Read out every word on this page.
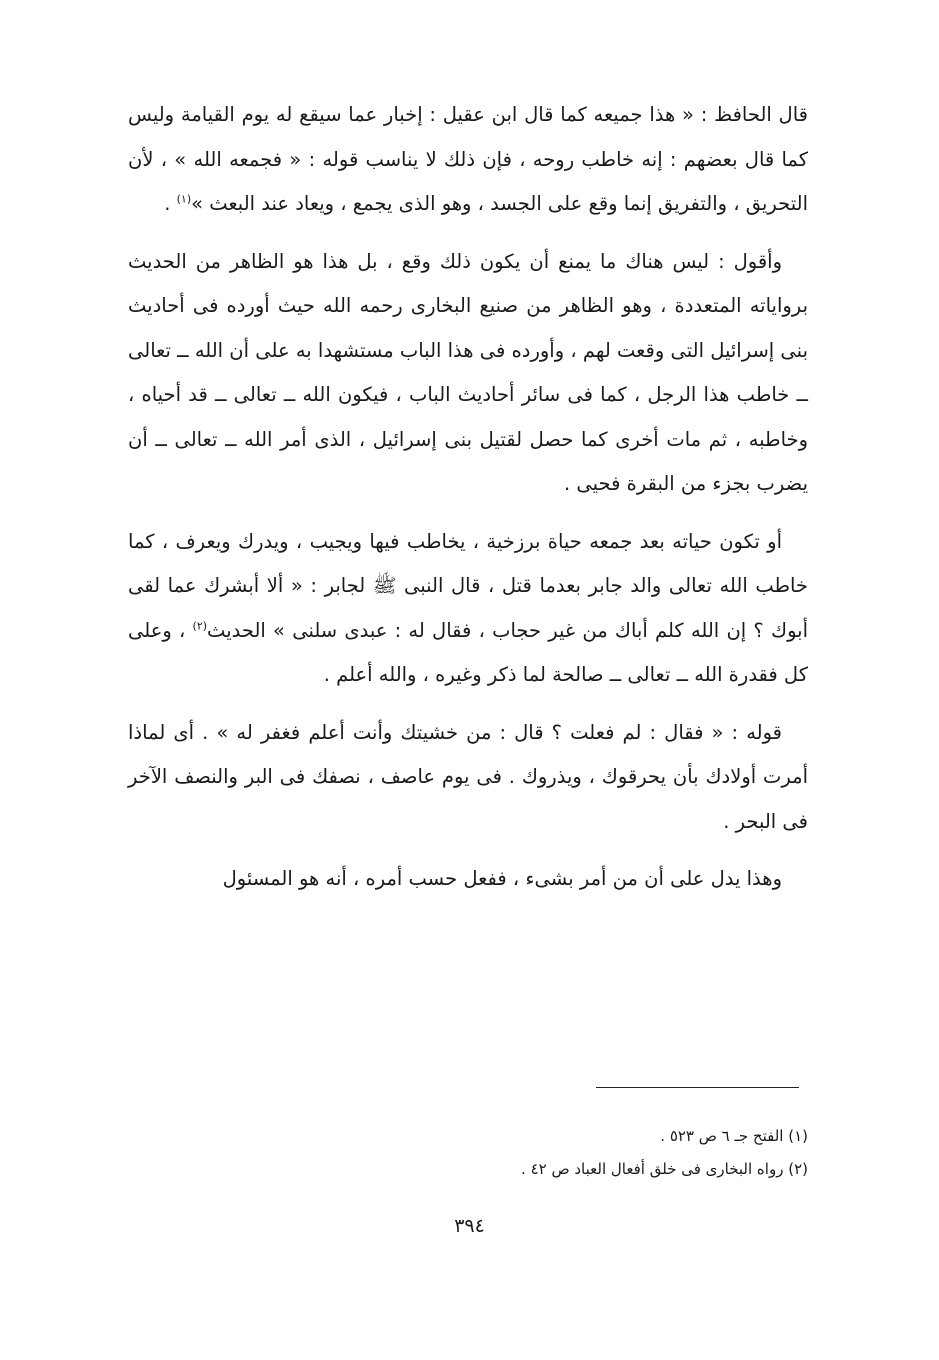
قال الحافظ : « هذا جميعه كما قال ابن عقيل : إخبار عما سيقع له يوم القيامة وليس كما قال بعضهم : إنه خاطب روحه ، فإن ذلك لا يناسب قوله : « فجمعه الله » ، لأن التحريق ، والتفريق إنما وقع على الجسد ، وهو الذى يجمع ، ويعاد عند البعث »$^{(١)}$ .

وأقول : ليس هناك ما يمنع أن يكون ذلك وقع ، بل هذا هو الظاهر من الحديث برواياته المتعددة ، وهو الظاهر من صنيع البخارى رحمه الله حيث أورده فى أحاديث بنى إسرائيل التى وقعت لهم ، وأورده فى هذا الباب مستشهدا به على أن الله ــ تعالى ــ خاطب هذا الرجل ، كما فى سائر أحاديث الباب ، فيكون الله ــ تعالى ــ قد أحياه ، وخاطبه ، ثم مات أخرى كما حصل لقتيل بنى إسرائيل ، الذى أمر الله ــ تعالى ــ أن يضرب بجزء من البقرة فحيى .

أو تكون حياته بعد جمعه حياة برزخية ، يخاطب فيها ويجيب ، ويدرك ويعرف ، كما خاطب الله تعالى والد جابر بعدما قتل ، قال النبى ﷺ لجابر : « ألا أبشرك عما لقى أبوك ؟ إن الله كلم أباك من غير حجاب ، فقال له : عبدى سلنى » الحديث$^{(٢)}$ ، وعلى كل فقدرة الله ــ تعالى ــ صالحة لما ذكر وغيره ، والله أعلم .

قوله : « فقال : لم فعلت ؟ قال : من خشيتك وأنت أعلم فغفر له » . أى لماذا أمرت أولادك بأن يحرقوك ، ويذروك . فى يوم عاصف ، نصفك فى البر والنصف الآخر فى البحر .

وهذا يدل على أن من أمر بشىء ، ففعل حسب أمره ، أنه هو المسئول

(١) الفتح جـ ٦ ص ٥٢٣ .

(٢) رواه البخارى فى خلق أفعال العباد ص ٤٢ .

٣٩٤
